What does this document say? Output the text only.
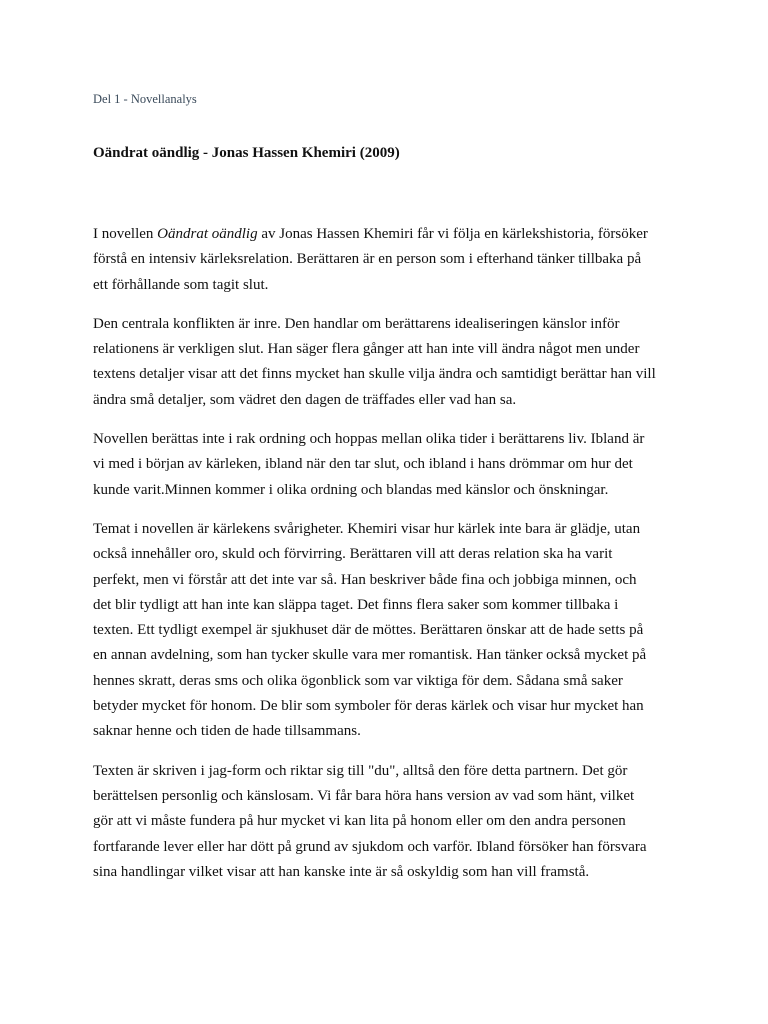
Del 1 - Novellanalys
Oändrat oändlig - Jonas Hassen Khemiri (2009)

I novellen Oändrat oändlig av Jonas Hassen Khemiri får vi följa en kärlekshistoria, försöker
förstå en intensiv kärleksrelation. Berättaren är en person som i efterhand tänker tillbaka på
ett förhållande som tagit slut.

Den centrala konflikten är inre. Den handlar om berättarens idealiseringen känslor inför
relationens är verkligen slut. Han säger flera gånger att han inte vill ändra något men under
textens detaljer visar att det finns mycket han skulle vilja ändra och samtidigt berättar han vill
ändra små detaljer, som vädret den dagen de träffades eller vad han sa.

Novellen berättas inte i rak ordning och hoppas mellan olika tider i berättarens liv. Ibland är
vi med i början av kärleken, ibland när den tar slut, och ibland i hans drömmar om hur det
kunde varit.Minnen kommer i olika ordning och blandas med känslor och önskningar.

Temat i novellen är kärlekens svårigheter. Khemiri visar hur kärlek inte bara är glädje, utan
också innehåller oro, skuld och förvirring. Berättaren vill att deras relation ska ha varit
perfekt, men vi förstår att det inte var så. Han beskriver både fina och jobbiga minnen, och
det blir tydligt att han inte kan släppa taget. Det finns flera saker som kommer tillbaka i
texten. Ett tydligt exempel är sjukhuset där de möttes. Berättaren önskar att de hade setts på
en annan avdelning, som han tycker skulle vara mer romantisk. Han tänker också mycket på
hennes skratt, deras sms och olika ögonblick som var viktiga för dem. Sådana små saker
betyder mycket för honom. De blir som symboler för deras kärlek och visar hur mycket han
saknar henne och tiden de hade tillsammans.

Texten är skriven i jag-form och riktar sig till "du", alltså den före detta partnern. Det gör
berättelsen personlig och känslosam. Vi får bara höra hans version av vad som hänt, vilket
gör att vi måste fundera på hur mycket vi kan lita på honom eller om den andra personen
fortfarande lever eller har dött på grund av sjukdom och varför. Ibland försöker han försvara
sina handlingar vilket visar att han kanske inte är så oskyldig som han vill framstå.
